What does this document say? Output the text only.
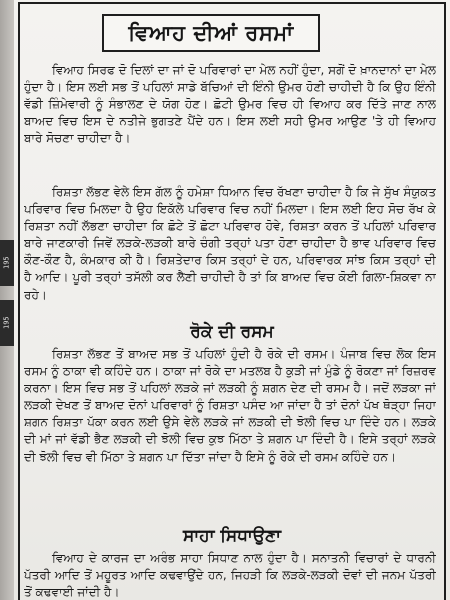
195
195
ਵਿਆਹ ਦੀਆਂ ਰਸਮਾਂ
ਵਿਆਹ ਸਿਰਫ ਦੋ ਦਿਲਾਂ ਦਾ ਜਾਂ ਦੋ ਪਰਿਵਾਰਾਂ ਦਾ ਮੇਲ ਨਹੀਂ ਹੁੰਦਾ, ਸਗੋਂ ਦੋ ਖ਼ਾਨਦਾਨਾਂ ਦਾ ਮੇਲ ਹੁੰਦਾ ਹੈ। ਇਸ ਲਈ ਸਭ ਤੋਂ ਪਹਿਲਾਂ ਸਾਡੇ ਬੱਚਿਆਂ ਦੀ ਇੰਨੀ ਉਮਰ ਹੋਣੀ ਚਾਹੀਦੀ ਹੈ ਕਿ ਉਹ ਇੰਨੀ ਵੱਡੀ ਜ਼ਿੰਮੇਵਾਰੀ ਨੂੰ ਸੰਭਾਲਣ ਦੇ ਯੋਗ ਹੋਣ। ਛੋਟੀ ਉਮਰ ਵਿਚ ਹੀ ਵਿਆਹ ਕਰ ਦਿੱਤੇ ਜਾਣ ਨਾਲ ਬਾਅਦ ਵਿਚ ਇਸ ਦੇ ਨਤੀਜੇ ਭੁਗਤਣੇ ਪੈਂਦੇ ਹਨ। ਇਸ ਲਈ ਸਹੀ ਉਮਰ ਆਉਣ 'ਤੇ ਹੀ ਵਿਆਹ ਬਾਰੇ ਸੋਚਣਾ ਚਾਹੀਦਾ ਹੈ।
ਰਿਸ਼ਤਾ ਲੱਭਣ ਵੇਲੇ ਇਸ ਗੱਲ ਨੂੰ ਹਮੇਸ਼ਾ ਧਿਆਨ ਵਿਚ ਰੱਖਣਾ ਚਾਹੀਦਾ ਹੈ ਕਿ ਜੇ ਸੁੱਖ ਸੰਯੁਕਤ ਪਰਿਵਾਰ ਵਿਚ ਮਿਲਦਾ ਹੈ ਉਹ ਇਕੱਲੇ ਪਰਿਵਾਰ ਵਿਚ ਨਹੀਂ ਮਿਲਦਾ। ਇਸ ਲਈ ਇਹ ਸੋਚ ਰੱਖ ਕੇ ਰਿਸ਼ਤਾ ਨਹੀਂ ਲੱਭਣਾ ਚਾਹੀਦਾ ਕਿ ਛੋਟੇ ਤੋਂ ਛੋਟਾ ਪਰਿਵਾਰ ਹੋਵੇ, ਰਿਸ਼ਤਾ ਕਰਨ ਤੋਂ ਪਹਿਲਾਂ ਪਰਿਵਾਰ ਬਾਰੇ ਜਾਣਕਾਰੀ ਜਿਵੇਂ ਲੜਕੇ-ਲੜਕੀ ਬਾਰੇ ਚੰਗੀ ਤਰ੍ਹਾਂ ਪਤਾ ਹੋਣਾ ਚਾਹੀਦਾ ਹੈ ਭਾਵ ਪਰਿਵਾਰ ਵਿਚ ਕੌਣ-ਕੌਣ ਹੈ, ਕੰਮਕਾਰ ਕੀ ਹੈ। ਰਿਸ਼ਤੇਦਾਰ ਕਿਸ ਤਰ੍ਹਾਂ ਦੇ ਹਨ, ਪਰਿਵਾਰਕ ਸਾਂਝ ਕਿਸ ਤਰ੍ਹਾਂ ਦੀ ਹੈ ਆਦਿ। ਪੂਰੀ ਤਰ੍ਹਾਂ ਤਸੱਲੀ ਕਰ ਲੈਣੀ ਚਾਹੀਦੀ ਹੈ ਤਾਂ ਕਿ ਬਾਅਦ ਵਿਚ ਕੋਈ ਗਿਲਾ-ਸ਼ਿਕਵਾ ਨਾ ਰਹੇ।
ਰੋਕੇ ਦੀ ਰਸਮ
ਰਿਸ਼ਤਾ ਲੱਭਣ ਤੋਂ ਬਾਅਦ ਸਭ ਤੋਂ ਪਹਿਲਾਂ ਹੁੰਦੀ ਹੈ ਰੋਕੇ ਦੀ ਰਸਮ। ਪੰਜਾਬ ਵਿਚ ਲੋਕ ਇਸ ਰਸਮ ਨੂੰ ਠਾਕਾ ਵੀ ਕਹਿੰਦੇ ਹਨ। ਠਾਕਾ ਜਾਂ ਰੋਕੇ ਦਾ ਮਤਲਬ ਹੈ ਕੁੜੀ ਜਾਂ ਮੁੰਡੇ ਨੂੰ ਰੋਕਣਾ ਜਾਂ ਰਿਜ਼ਰਵ ਕਰਨਾ। ਇਸ ਵਿਚ ਸਭ ਤੋਂ ਪਹਿਲਾਂ ਲੜਕੇ ਜਾਂ ਲੜਕੀ ਨੂੰ ਸ਼ਗਨ ਦੇਣ ਦੀ ਰਸਮ ਹੈ। ਜਦੋਂ ਲੜਕਾ ਜਾਂ ਲੜਕੀ ਦੇਖਣ ਤੋਂ ਬਾਅਦ ਦੋਨਾਂ ਪਰਿਵਾਰਾਂ ਨੂੰ ਰਿਸ਼ਤਾ ਪਸੰਦ ਆ ਜਾਂਦਾ ਹੈ ਤਾਂ ਦੋਨਾਂ ਪੱਖ ਥੋੜ੍ਹਾ ਜਿਹਾ ਸ਼ਗਨ ਰਿਸ਼ਤਾ ਪੱਕਾ ਕਰਨ ਲਈ ਉਸੇ ਵੇਲੇ ਲੜਕੇ ਜਾਂ ਲੜਕੀ ਦੀ ਝੋਲੀ ਵਿਚ ਪਾ ਦਿੰਦੇ ਹਨ। ਲੜਕੇ ਦੀ ਮਾਂ ਜਾਂ ਵੱਡੀ ਭੈਣ ਲੜਕੀ ਦੀ ਝੋਲੀ ਵਿਚ ਕੁਝ ਮਿੱਠਾ ਤੇ ਸ਼ਗਨ ਪਾ ਦਿੰਦੀ ਹੈ। ਇਸੇ ਤਰ੍ਹਾਂ ਲੜਕੇ ਦੀ ਝੋਲੀ ਵਿਚ ਵੀ ਮਿੱਠਾ ਤੇ ਸ਼ਗਨ ਪਾ ਦਿੱਤਾ ਜਾਂਦਾ ਹੈ ਇਸੇ ਨੂੰ ਰੋਕੇ ਦੀ ਰਸਮ ਕਹਿੰਦੇ ਹਨ।
ਸਾਹਾ ਸਿਧਾਉਣਾ
ਵਿਆਹ ਦੇ ਕਾਰਜ ਦਾ ਅਰੰਭ ਸਾਹਾ ਸਿਧਾਣ ਨਾਲ ਹੁੰਦਾ ਹੈ। ਸਨਾਤਨੀ ਵਿਚਾਰਾਂ ਦੇ ਧਾਰਨੀ ਪੱਤਰੀ ਆਦਿ ਤੋਂ ਮਹੂਰਤ ਆਦਿ ਕਢਵਾਉਂਦੇ ਹਨ, ਜਿਹੜੀ ਕਿ ਲੜਕੇ-ਲੜਕੀ ਦੋਵਾਂ ਦੀ ਜਨਮ ਪੱਤਰੀ ਤੋਂ ਕਢਵਾਈ ਜਾਂਦੀ ਹੈ।
